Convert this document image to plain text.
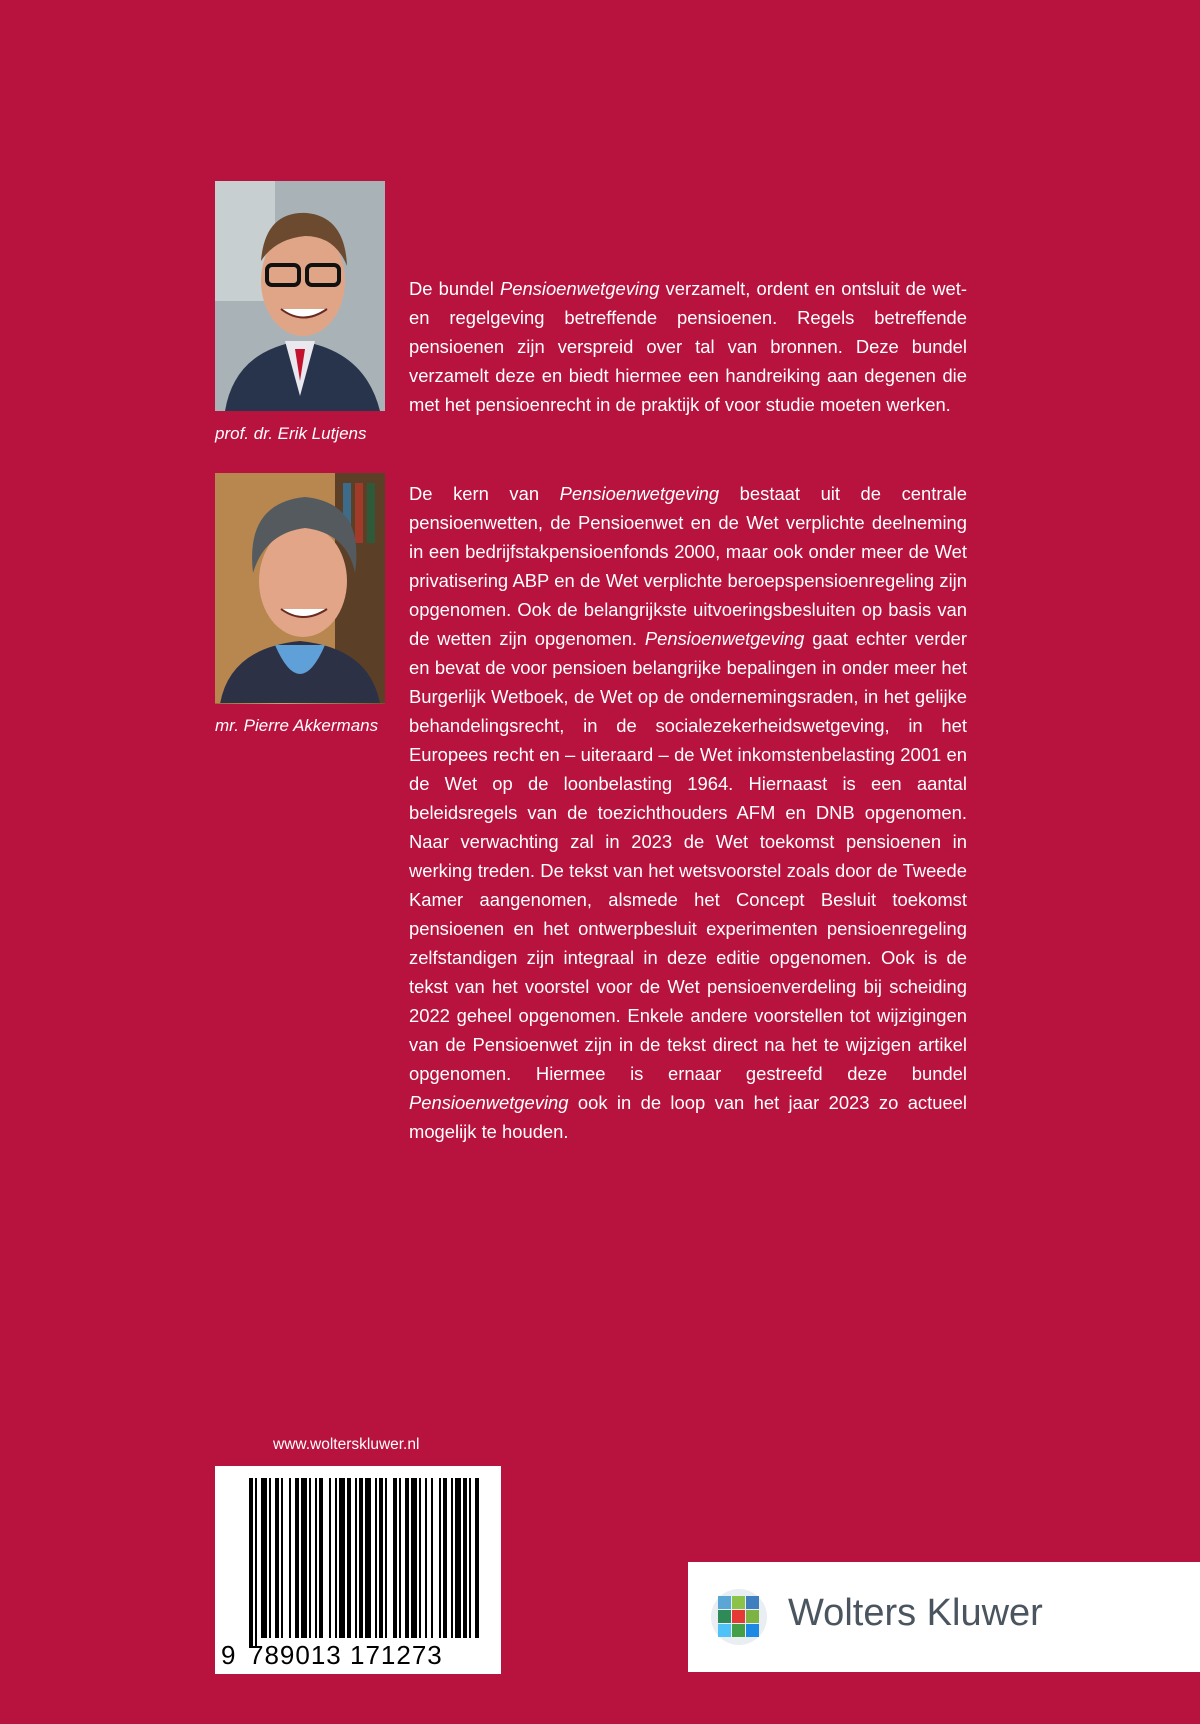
prof. dr. Erik Lutjens
mr. Pierre Akkermans

De bundel Pensioenwetgeving verzamelt, ordent en ontsluit de wet- en regelgeving betreffende pensioenen. Regels betreffende pensioenen zijn verspreid over tal van bronnen. Deze bundel verzamelt deze en biedt hiermee een handreiking aan degenen die met het pensioenrecht in de praktijk of voor studie moeten werken.

De kern van Pensioenwetgeving bestaat uit de centrale pensioenwetten, de Pensioenwet en de Wet verplichte deelneming in een bedrijfstakpensioenfonds 2000, maar ook onder meer de Wet privatisering ABP en de Wet verplichte beroepspensioenregeling zijn opgenomen. Ook de belangrijkste uitvoeringsbesluiten op basis van de wetten zijn opgenomen. Pensioenwetgeving gaat echter verder en bevat de voor pensioen belangrijke bepalingen in onder meer het Burgerlijk Wetboek, de Wet op de ondernemingsraden, in het gelijke behandelingsrecht, in de socialezekerheidswetgeving, in het Europees recht en – uiteraard – de Wet inkomstenbelasting 2001 en de Wet op de loonbelasting 1964. Hiernaast is een aantal beleidsregels van de toezichthouders AFM en DNB opgenomen. Naar verwachting zal in 2023 de Wet toekomst pensioenen in werking treden. De tekst van het wetsvoorstel zoals door de Tweede Kamer aangenomen, alsmede het Concept Besluit toekomst pensioenen en het ontwerpbesluit experimenten pensioenregeling zelfstandigen zijn integraal in deze editie opgenomen. Ook is de tekst van het voorstel voor de Wet pensioenverdeling bij scheiding 2022 geheel opgenomen. Enkele andere voorstellen tot wijzigingen van de Pensioenwet zijn in de tekst direct na het te wijzigen artikel opgenomen. Hiermee is ernaar gestreefd deze bundel Pensioenwetgeving ook in de loop van het jaar 2023 zo actueel mogelijk te houden.

www.wolterskluwer.nl
9 789013 171273
Wolters Kluwer
